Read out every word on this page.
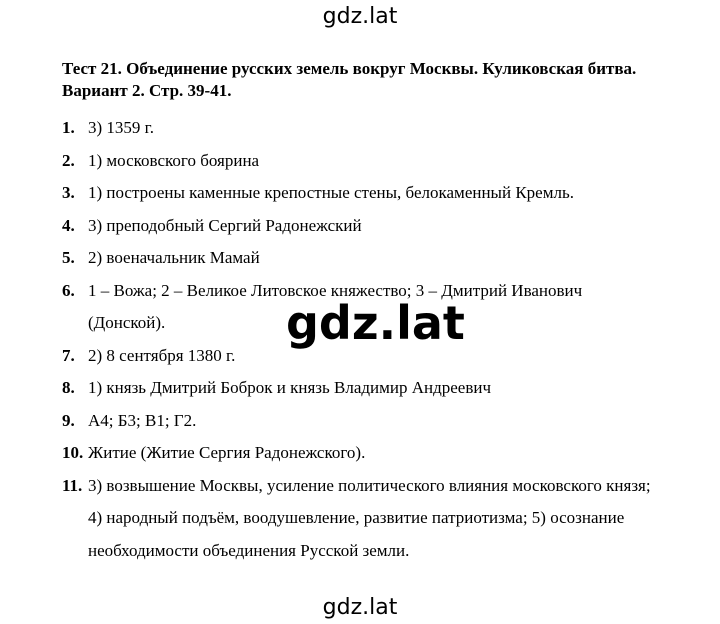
gdz.lat

Тест 21. Объединение русских земель вокруг Москвы. Куликовская битва. Вариант 2. Стр. 39-41.

1. 3) 1359 г.
2. 1) московского боярина
3. 1) построены каменные крепостные стены, белокаменный Кремль.
4. 3) преподобный Сергий Радонежский
5. 2) военачальник Мамай
6. 1 – Вожа; 2 – Великое Литовское княжество; 3 – Дмитрий Иванович (Донской).
7. 2) 8 сентября 1380 г.
8. 1) князь Дмитрий Боброк и князь Владимир Андреевич
9. А4; Б3; В1; Г2.
10. Житие (Житие Сергия Радонежского).
11. 3) возвышение Москвы, усиление политического влияния московского князя; 4) народный подъём, воодушевление, развитие патриотизма; 5) осознание необходимости объединения Русской земли.
gdz.lat
gdz.lat
